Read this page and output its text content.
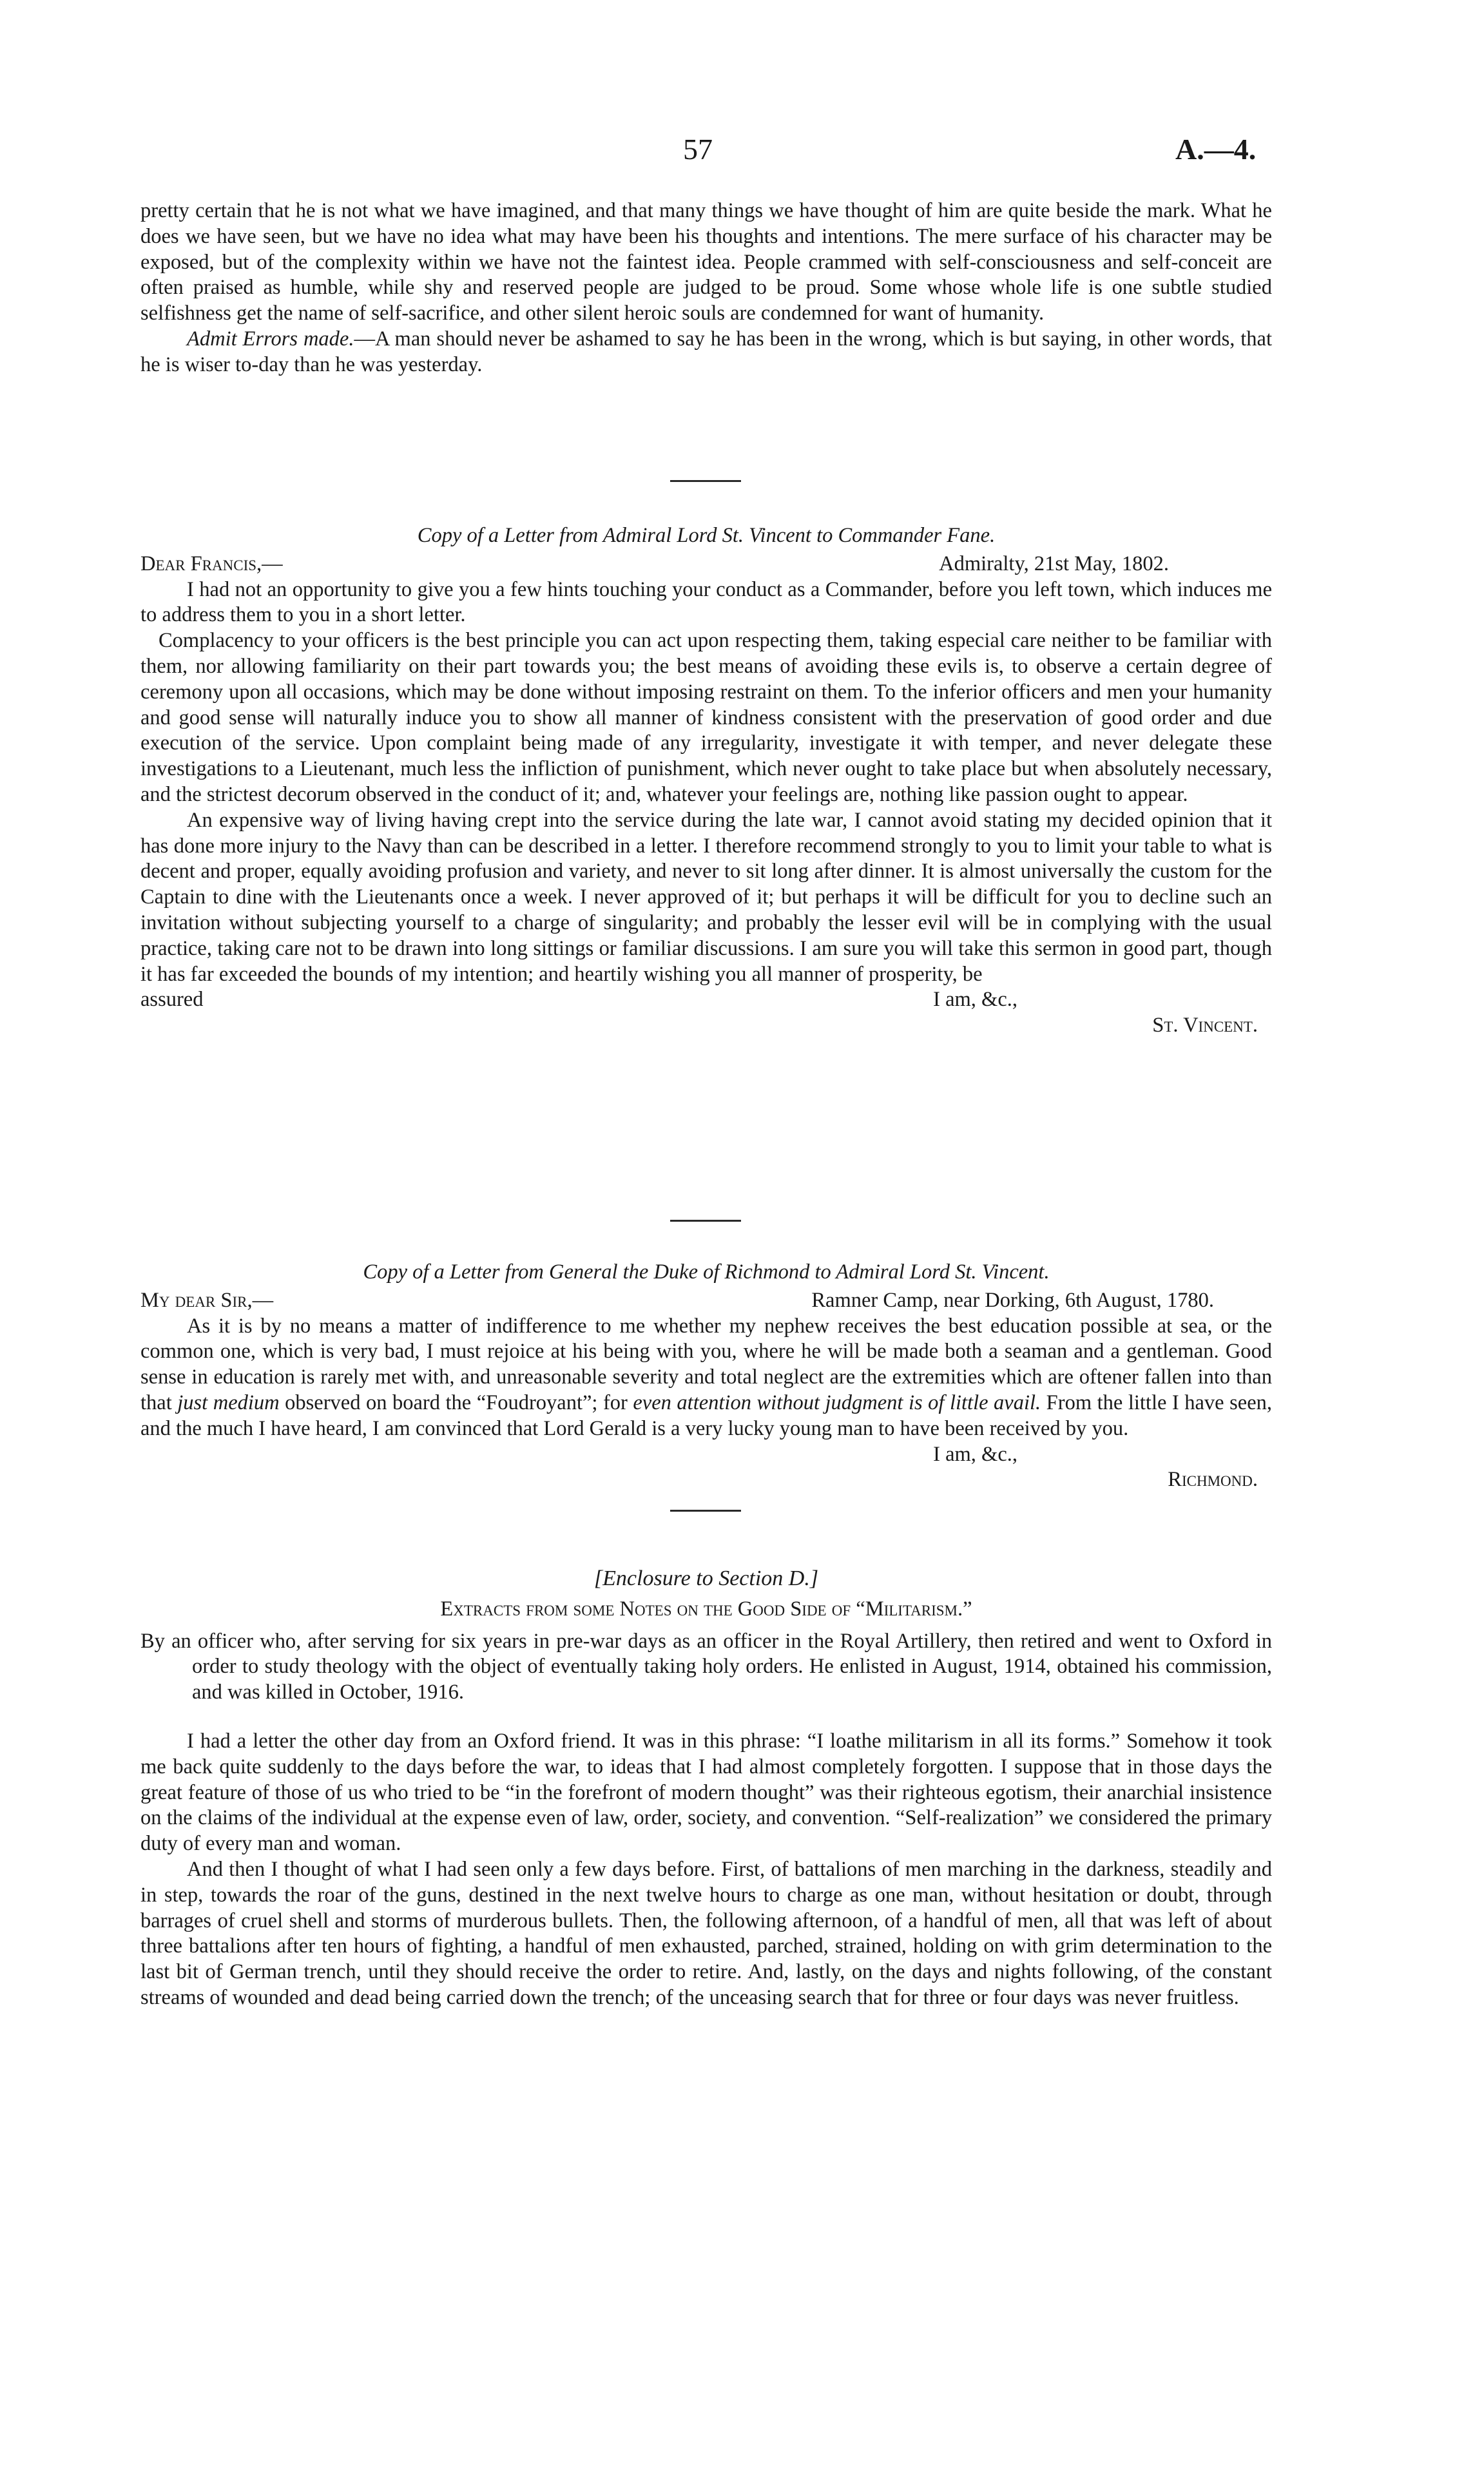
57	A.—4.

pretty certain that he is not what we have imagined, and that many things we have thought of him are quite beside the mark. What he does we have seen, but we have no idea what may have been his thoughts and intentions. The mere surface of his character may be exposed, but of the complexity within we have not the faintest idea. People crammed with self-consciousness and self-conceit are often praised as humble, while shy and reserved people are judged to be proud. Some whose whole life is one subtle studied selfishness get the name of self-sacrifice, and other silent heroic souls are condemned for want of humanity.

Admit Errors made.—A man should never be ashamed to say he has been in the wrong, which is but saying, in other words, that he is wiser to-day than he was yesterday.

Copy of a Letter from Admiral Lord St. Vincent to Commander Fane.

Dear Francis,—	Admiralty, 21st May, 1802.

I had not an opportunity to give you a few hints touching your conduct as a Commander, before you left town, which induces me to address them to you in a short letter.

Complacency to your officers is the best principle you can act upon respecting them, taking especial care neither to be familiar with them, nor allowing familiarity on their part towards you; the best means of avoiding these evils is, to observe a certain degree of ceremony upon all occasions, which may be done without imposing restraint on them. To the inferior officers and men your humanity and good sense will naturally induce you to show all manner of kindness consistent with the preservation of good order and due execution of the service. Upon complaint being made of any irregularity, investigate it with temper, and never delegate these investigations to a Lieutenant, much less the infliction of punishment, which never ought to take place but when absolutely necessary, and the strictest decorum observed in the conduct of it; and, whatever your feelings are, nothing like passion ought to appear.

An expensive way of living having crept into the service during the late war, I cannot avoid stating my decided opinion that it has done more injury to the Navy than can be described in a letter. I therefore recommend strongly to you to limit your table to what is decent and proper, equally avoiding profusion and variety, and never to sit long after dinner. It is almost universally the custom for the Captain to dine with the Lieutenants once a week. I never approved of it; but perhaps it will be difficult for you to decline such an invitation without subjecting yourself to a charge of singularity; and probably the lesser evil will be in complying with the usual practice, taking care not to be drawn into long sittings or familiar discussions. I am sure you will take this sermon in good part, though it has far exceeded the bounds of my intention; and heartily wishing you all manner of prosperity, be

assured	I am, &c.,
St. Vincent.

Copy of a Letter from General the Duke of Richmond to Admiral Lord St. Vincent.

My dear Sir,—	Ramner Camp, near Dorking, 6th August, 1780.

As it is by no means a matter of indifference to me whether my nephew receives the best education possible at sea, or the common one, which is very bad, I must rejoice at his being with you, where he will be made both a seaman and a gentleman. Good sense in education is rarely met with, and unreasonable severity and total neglect are the extremities which are oftener fallen into than that just medium observed on board the “Foudroyant”; for even attention without judgment is of little avail. From the little I have seen, and the much I have heard, I am convinced that Lord Gerald is a very lucky young man to have been received by you.

I am, &c.,
Richmond.

[Enclosure to Section D.]

Extracts from some Notes on the Good Side of “Militarism.”

By an officer who, after serving for six years in pre-war days as an officer in the Royal Artillery, then retired and went to Oxford in order to study theology with the object of eventually taking holy orders. He enlisted in August, 1914, obtained his commission, and was killed in October, 1916.

I had a letter the other day from an Oxford friend. It was in this phrase: “I loathe militarism in all its forms.” Somehow it took me back quite suddenly to the days before the war, to ideas that I had almost completely forgotten. I suppose that in those days the great feature of those of us who tried to be “in the forefront of modern thought” was their righteous egotism, their anarchial insistence on the claims of the individual at the expense even of law, order, society, and convention. “Self-realization” we considered the primary duty of every man and woman.

And then I thought of what I had seen only a few days before. First, of battalions of men marching in the darkness, steadily and in step, towards the roar of the guns, destined in the next twelve hours to charge as one man, without hesitation or doubt, through barrages of cruel shell and storms of murderous bullets. Then, the following afternoon, of a handful of men, all that was left of about three battalions after ten hours of fighting, a handful of men exhausted, parched, strained, holding on with grim determination to the last bit of German trench, until they should receive the order to retire. And, lastly, on the days and nights following, of the constant streams of wounded and dead being carried down the trench; of the unceasing search that for three or four days was never fruitless.
